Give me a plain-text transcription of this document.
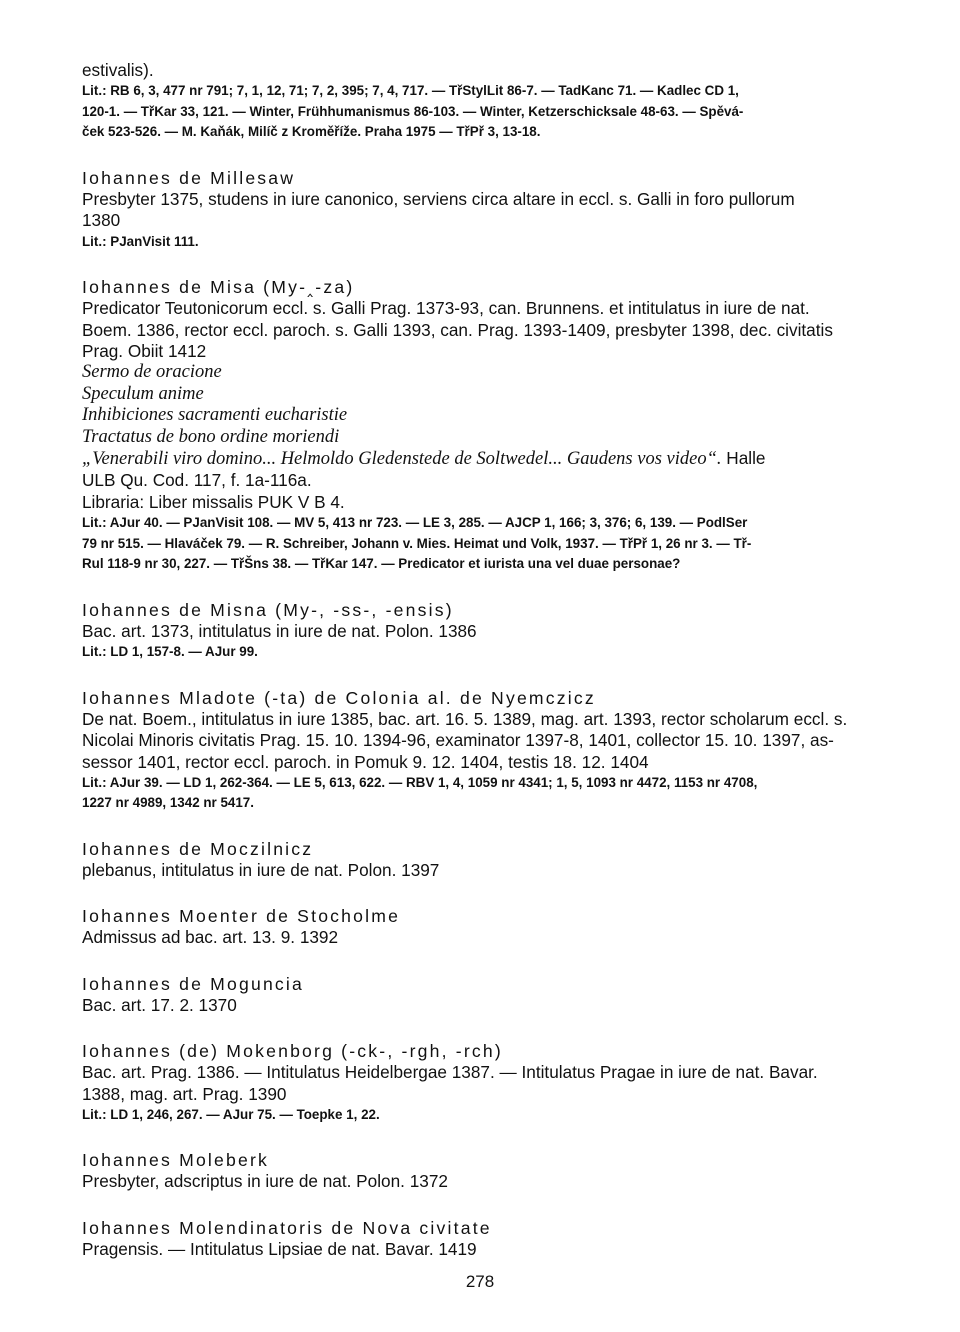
estivalis).

Lit.: RB 6, 3, 477 nr 791; 7, 1, 12, 71; 7, 2, 395; 7, 4, 717. — TřStylLit 86-7. — TadKanc 71. — Kadlec CD 1,

120-1. — TřKar 33, 121. — Winter, Frühhumanismus 86-103. — Winter, Ketzerschicksale 48-63. — Spěvá-

ček 523-526. — M. Kaňák, Milíč z Kroměříže. Praha 1975 — TřPř 3, 13-18.

Iohannes de Millesaw

Presbyter 1375, studens in iure canonico, serviens circa altare in eccl. s. Galli in foro pullorum

1380

Lit.: PJanVisit 111.

Iohannes de Misa (My-‸-za)

Predicator Teutonicorum eccl. s. Galli Prag. 1373-93, can. Brunnens. et intitulatus in iure de nat.

Boem. 1386, rector eccl. paroch. s. Galli 1393, can. Prag. 1393-1409, presbyter 1398, dec. civitatis

Prag. Obiit 1412

Sermo de oracione

Speculum anime

Inhibiciones sacramenti eucharistie

Tractatus de bono ordine moriendi

„Venerabili viro domino... Helmoldo Gledenstede de Soltwedel... Gaudens vos video“. Halle

ULB Qu. Cod. 117, f. 1a-116a.

Libraria: Liber missalis PUK V B 4.

Lit.: AJur 40. — PJanVisit 108. — MV 5, 413 nr 723. — LE 3, 285. — AJCP 1, 166; 3, 376; 6, 139. — PodlSer

79 nr 515. — Hlaváček 79. — R. Schreiber, Johann v. Mies. Heimat und Volk, 1937. — TřPř 1, 26 nr 3. — Tř-

Rul 118-9 nr 30, 227. — TřŠns 38. — TřKar 147. — Predicator et iurista una vel duae personae?

Iohannes de Misna (My-, -ss-, -ensis)

Bac. art. 1373, intitulatus in iure de nat. Polon. 1386

Lit.: LD 1, 157-8. — AJur 99.

Iohannes Mladote (-ta) de Colonia al. de Nyemczicz

De nat. Boem., intitulatus in iure 1385, bac. art. 16. 5. 1389, mag. art. 1393, rector scholarum eccl. s.

Nicolai Minoris civitatis Prag. 15. 10. 1394-96, examinator 1397-8, 1401, collector 15. 10. 1397, as-

sessor 1401, rector eccl. paroch. in Pomuk 9. 12. 1404, testis 18. 12. 1404

Lit.: AJur 39. — LD 1, 262-364. — LE 5, 613, 622. — RBV 1, 4, 1059 nr 4341; 1, 5, 1093 nr 4472, 1153 nr 4708,

1227 nr 4989, 1342 nr 5417.

Iohannes de Moczilnicz

plebanus, intitulatus in iure de nat. Polon. 1397

Iohannes Moenter de Stocholme

Admissus ad bac. art. 13. 9. 1392

Iohannes de Moguncia

Bac. art. 17. 2. 1370

Iohannes (de) Mokenborg (-ck-, -rgh, -rch)

Bac. art. Prag. 1386. — Intitulatus Heidelbergae 1387. — Intitulatus Pragae in iure de nat. Bavar.

1388, mag. art. Prag. 1390

Lit.: LD 1, 246, 267. — AJur 75. — Toepke 1, 22.

Iohannes Moleberk

Presbyter, adscriptus in iure de nat. Polon. 1372

Iohannes Molendinatoris de Nova civitate

Pragensis. — Intitulatus Lipsiae de nat. Bavar. 1419

278
